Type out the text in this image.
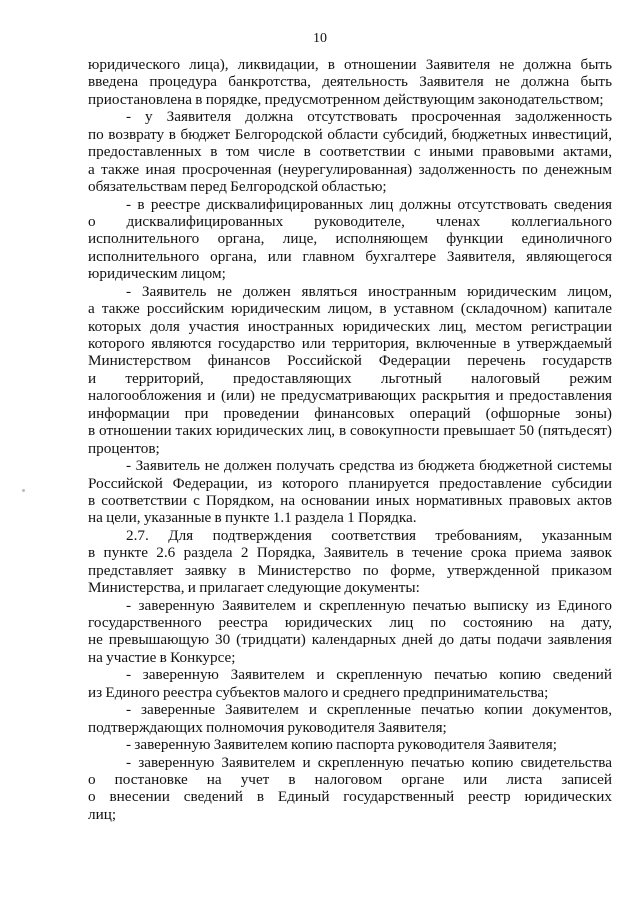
10
юридического лица), ликвидации, в отношении Заявителя не должна быть
введена процедура банкротства, деятельность Заявителя не должна быть
приостановлена в порядке, предусмотренном действующим законодательством;
- у Заявителя должна отсутствовать просроченная задолженность
по возврату в бюджет Белгородской области субсидий, бюджетных инвестиций,
предоставленных в том числе в соответствии с иными правовыми актами,
а также иная просроченная (неурегулированная) задолженность по денежным
обязательствам перед Белгородской областью;
- в реестре дисквалифицированных лиц должны отсутствовать сведения
о дисквалифицированных руководителе, членах коллегиального
исполнительного органа, лице, исполняющем функции единоличного
исполнительного органа, или главном бухгалтере Заявителя, являющегося
юридическим лицом;
- Заявитель не должен являться иностранным юридическим лицом,
а также российским юридическим лицом, в уставном (складочном) капитале
которых доля участия иностранных юридических лиц, местом регистрации
которого являются государство или территория, включенные в утверждаемый
Министерством финансов Российской Федерации перечень государств
и территорий, предоставляющих льготный налоговый режим
налогообложения и (или) не предусматривающих раскрытия и предоставления
информации при проведении финансовых операций (офшорные зоны)
в отношении таких юридических лиц, в совокупности превышает 50 (пятьдесят)
процентов;
- Заявитель не должен получать средства из бюджета бюджетной системы
Российской Федерации, из которого планируется предоставление субсидии
в соответствии с Порядком, на основании иных нормативных правовых актов
на цели, указанные в пункте 1.1 раздела 1 Порядка.
2.7. Для подтверждения соответствия требованиям, указанным
в пункте 2.6 раздела 2 Порядка, Заявитель в течение срока приема заявок
представляет заявку в Министерство по форме, утвержденной приказом
Министерства, и прилагает следующие документы:
- заверенную Заявителем и скрепленную печатью выписку из Единого
государственного реестра юридических лиц по состоянию на дату,
не превышающую 30 (тридцати) календарных дней до даты подачи заявления
на участие в Конкурсе;
- заверенную Заявителем и скрепленную печатью копию сведений
из Единого реестра субъектов малого и среднего предпринимательства;
- заверенные Заявителем и скрепленные печатью копии документов,
подтверждающих полномочия руководителя Заявителя;
- заверенную Заявителем копию паспорта руководителя Заявителя;
- заверенную Заявителем и скрепленную печатью копию свидетельства
о постановке на учет в налоговом органе или листа записей
о внесении сведений в Единый государственный реестр юридических
лиц;
